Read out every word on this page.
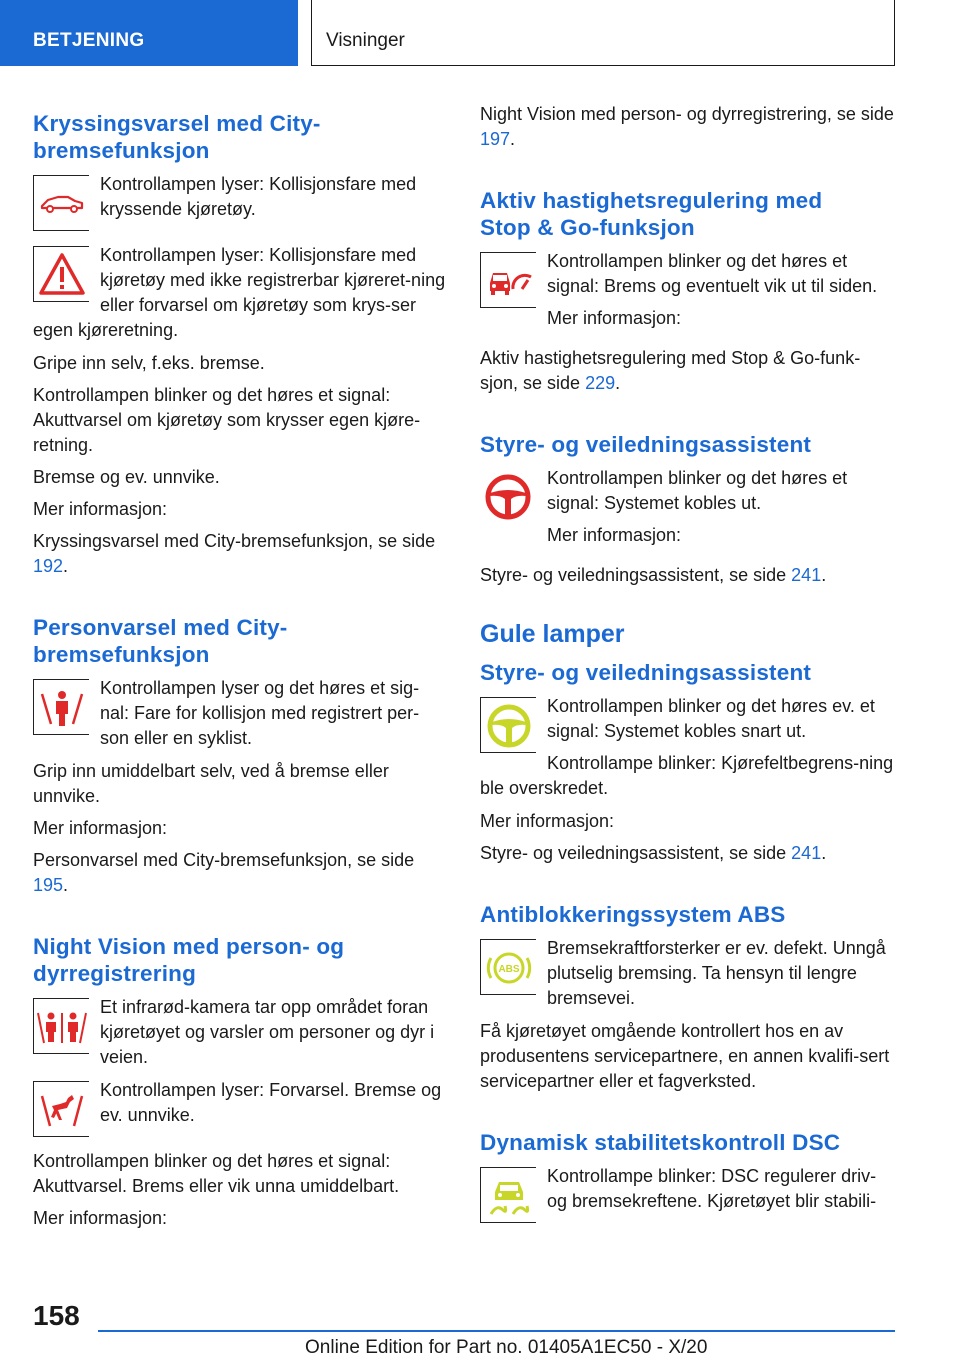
BETJENING	Visninger
Kryssingsvarsel med City-
bremsefunksjon
Kontrollampen lyser: Kollisjonsfare med kryssende kjøretøy.
Kontrollampen lyser: Kollisjonsfare med kjøretøy med ikke registrerbar kjøreret-ning eller forvarsel om kjøretøy som krys-ser egen kjøreretning.
Gripe inn selv, f.eks. bremse.
Kontrollampen blinker og det høres et signal: Akuttvarsel om kjøretøy som krysser egen kjøre-retning.
Bremse og ev. unnvike.
Mer informasjon:
Kryssingsvarsel med City-bremsefunksjon, se side 192.
Personvarsel med City-
bremsefunksjon
Kontrollampen lyser og det høres et sig-nal: Fare for kollisjon med registrert per-son eller en syklist.
Grip inn umiddelbart selv, ved å bremse eller unnvike.
Mer informasjon:
Personvarsel med City-bremsefunksjon, se side 195.
Night Vision med person- og
dyrregistrering
Et infrarød-kamera tar opp området foran kjøretøyet og varsler om personer og dyr i veien.
Kontrollampen lyser: Forvarsel. Bremse og ev. unnvike.
Kontrollampen blinker og det høres et signal: Akuttvarsel. Brems eller vik unna umiddelbart.
Mer informasjon:
Night Vision med person- og dyrregistrering, se side 197.
Aktiv hastighetsregulering med
Stop & Go-funksjon

Kontrollampen blinker og det høres et signal: Brems og eventuelt vik ut til siden.

Mer informasjon:

Aktiv hastighetsregulering med Stop & Go-funk-sjon, se side 229.
Styre- og veiledningsassistent

Kontrollampen blinker og det høres et signal: Systemet kobles ut.

Mer informasjon:

Styre- og veiledningsassistent, se side 241.
Gule lamper
Styre- og veiledningsassistent

Kontrollampen blinker og det høres ev. et signal: Systemet kobles snart ut.

Kontrollampe blinker: Kjørefeltbegrens-ning ble overskredet.

Mer informasjon:
Styre- og veiledningsassistent, se side 241.
Antiblokkeringssystem ABS
ABS
Bremsekraftforsterker er ev. defekt. Unngå plutselig bremsing. Ta hensyn til lengre bremsevei.
Få kjøretøyet omgående kontrollert hos en av produsentens servicepartnere, en annen kvalifi-sert servicepartner eller et fagverksted.
Dynamisk stabilitetskontroll DSC
Kontrollampe blinker: DSC regulerer driv- og bremsekreftene. Kjøretøyet blir stabili-
158
Online Edition for Part no. 01405A1EC50 - X/20
